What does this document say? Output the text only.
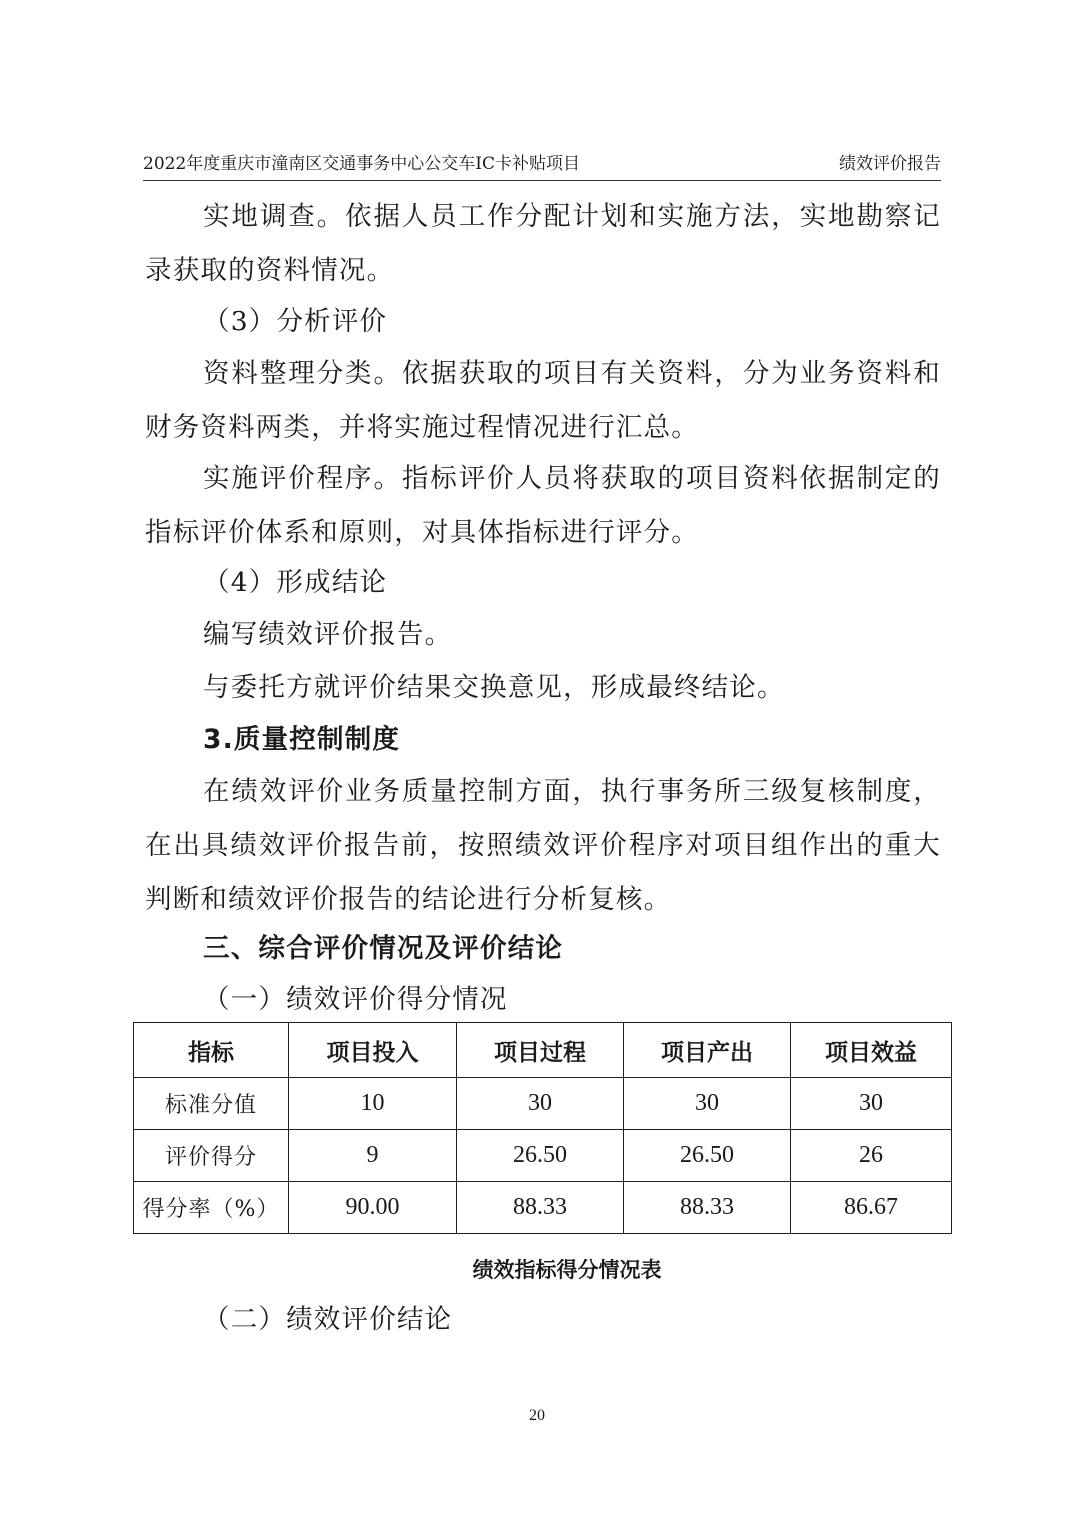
2022年度重庆市潼南区交通事务中心公交车IC卡补贴项目	绩效评价报告
实地调查。依据人员工作分配计划和实施方法，实地勘察记录获取的资料情况。
（3）分析评价
资料整理分类。依据获取的项目有关资料，分为业务资料和财务资料两类，并将实施过程情况进行汇总。
实施评价程序。指标评价人员将获取的项目资料依据制定的指标评价体系和原则，对具体指标进行评分。
（4）形成结论
编写绩效评价报告。
与委托方就评价结果交换意见，形成最终结论。
3.质量控制制度
在绩效评价业务质量控制方面，执行事务所三级复核制度，在出具绩效评价报告前，按照绩效评价程序对项目组作出的重大判断和绩效评价报告的结论进行分析复核。
三、综合评价情况及评价结论
（一）绩效评价得分情况
指标	项目投入	项目过程	项目产出	项目效益
标准分值	10	30	30	30
评价得分	9	26.50	26.50	26
得分率（%）	90.00	88.33	88.33	86.67
绩效指标得分情况表
（二）绩效评价结论
20
